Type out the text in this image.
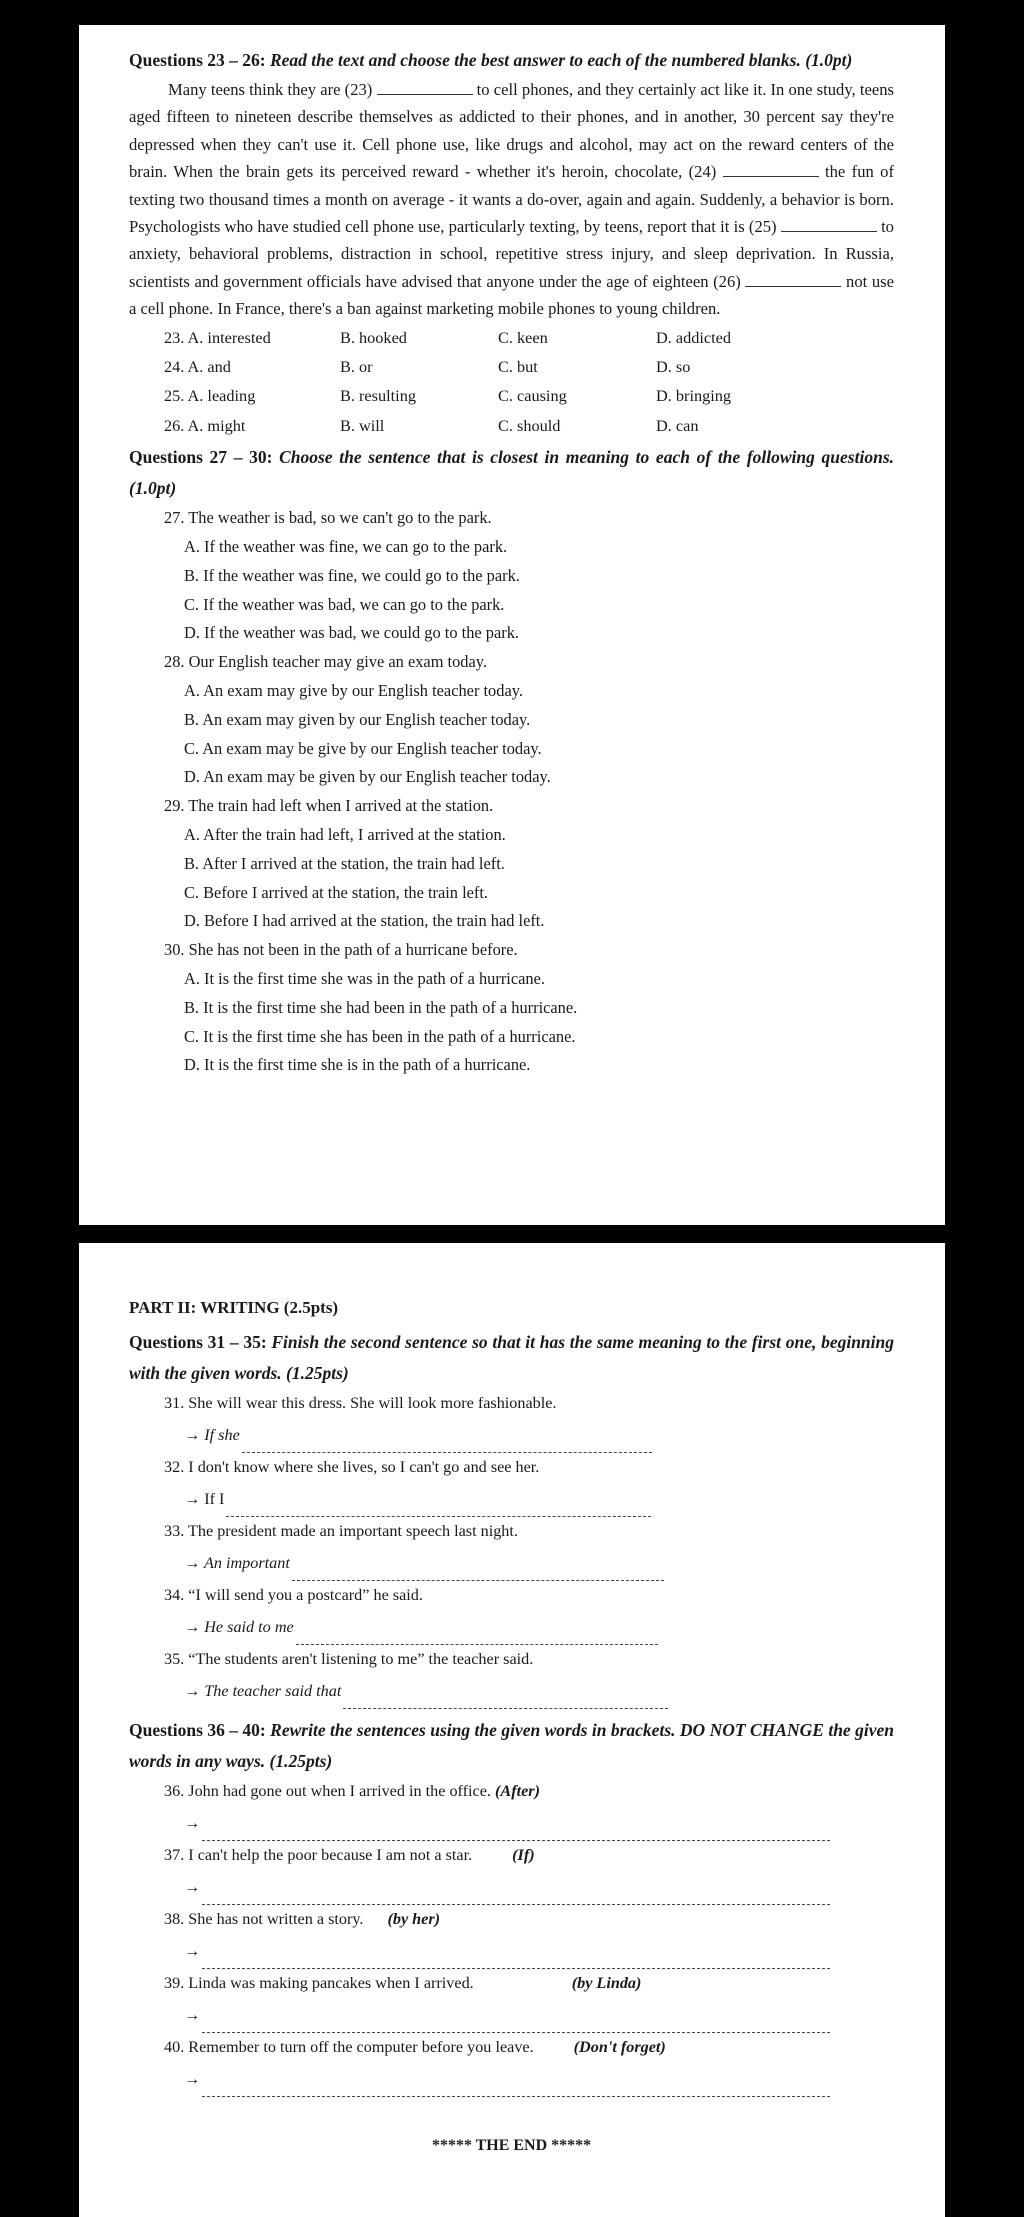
Questions 23 – 26: Read the text and choose the best answer to each of the numbered blanks. (1.0pt)

Many teens think they are (23)	to cell phones, and they certainly act like it. In one study, teens aged fifteen to nineteen describe themselves as addicted to their phones, and in another, 30 percent say they're depressed when they can't use it. Cell phone use, like drugs and alcohol, may act on the reward centers of the brain. When the brain gets its perceived reward - whether it's heroin, chocolate, (24)	the fun of texting two thousand times a month on average - it wants a do-over, again and again. Suddenly, a behavior is born. Psychologists who have studied cell phone use, particularly texting, by teens, report that it is (25)	to anxiety, behavioral problems, distraction in school, repetitive stress injury, and sleep deprivation. In Russia, scientists and government officials have advised that anyone under the age of eighteen (26)	not use a cell phone. In France, there's a ban against marketing mobile phones to young children.

23. A. interested	B. hooked	C. keen	D. addicted
24. A. and	B. or	C. but	D. so
25. A. leading	B. resulting	C. causing	D. bringing
26. A. might	B. will	C. should	D. can
Questions 27 – 30: Choose the sentence that is closest in meaning to each of the following questions. (1.0pt)
27. The weather is bad, so we can't go to the park.
A. If the weather was fine, we can go to the park.
B. If the weather was fine, we could go to the park.
C. If the weather was bad, we can go to the park.
D. If the weather was bad, we could go to the park.
28. Our English teacher may give an exam today.
A. An exam may give by our English teacher today.
B. An exam may given by our English teacher today.
C. An exam may be give by our English teacher today.
D. An exam may be given by our English teacher today.
29. The train had left when I arrived at the station.
A. After the train had left, I arrived at the station.
B. After I arrived at the station, the train had left.
C. Before I arrived at the station, the train left.
D. Before I had arrived at the station, the train had left.
30. She has not been in the path of a hurricane before.
A. It is the first time she was in the path of a hurricane.
B. It is the first time she had been in the path of a hurricane.
C. It is the first time she has been in the path of a hurricane.
D. It is the first time she is in the path of a hurricane.
PART II: WRITING (2.5pts)
Questions 31 – 35: Finish the second sentence so that it has the same meaning to the first one, beginning with the given words. (1.25pts)
31. She will wear this dress. She will look more fashionable.
→ If she
32. I don't know where she lives, so I can't go and see her.
→ If I
33. The president made an important speech last night.
→ An important
34. “I will send you a postcard” he said.
→ He said to me
35. “The students aren't listening to me” the teacher said.
→ The teacher said that
Questions 36 – 40: Rewrite the sentences using the given words in brackets. DO NOT CHANGE the given words in any ways. (1.25pts)
36. John had gone out when I arrived in the office. (After)
→
37. I can't help the poor because I am not a star. (If)
→
38. She has not written a story. (by her)
→
39. Linda was making pancakes when I arrived.	(by Linda)
→
40. Remember to turn off the computer before you leave. (Don't forget)
→
***** THE END *****
